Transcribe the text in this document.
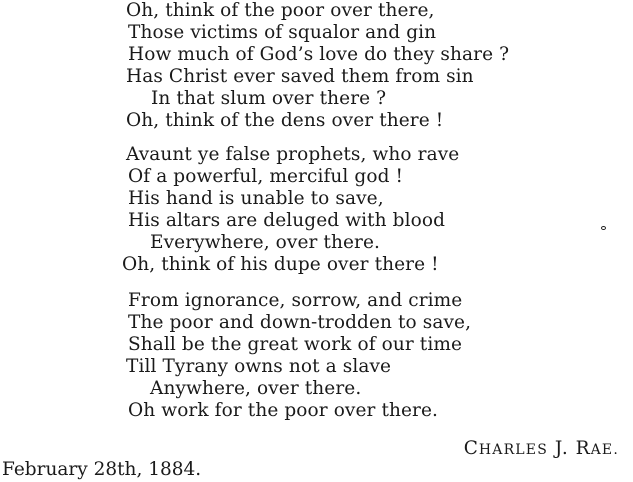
Oh, think of the poor over there,
Those victims of squalor and gin
How much of God’s love do they share ?
Has Christ ever saved them from sin
In that slum over there ?
Oh, think of the dens over there !
Avaunt ye false prophets, who rave
Of a powerful, merciful god !
His hand is unable to save,
His altars are deluged with blood
Everywhere, over there.
Oh, think of his dupe over there !
From ignorance, sorrow, and crime
The poor and down-trodden to save,
Shall be the great work of our time
Till Tyrany owns not a slave
Anywhere, over there.
Oh work for the poor over there.
CHARLES J. RAE.
February 28th, 1884.
